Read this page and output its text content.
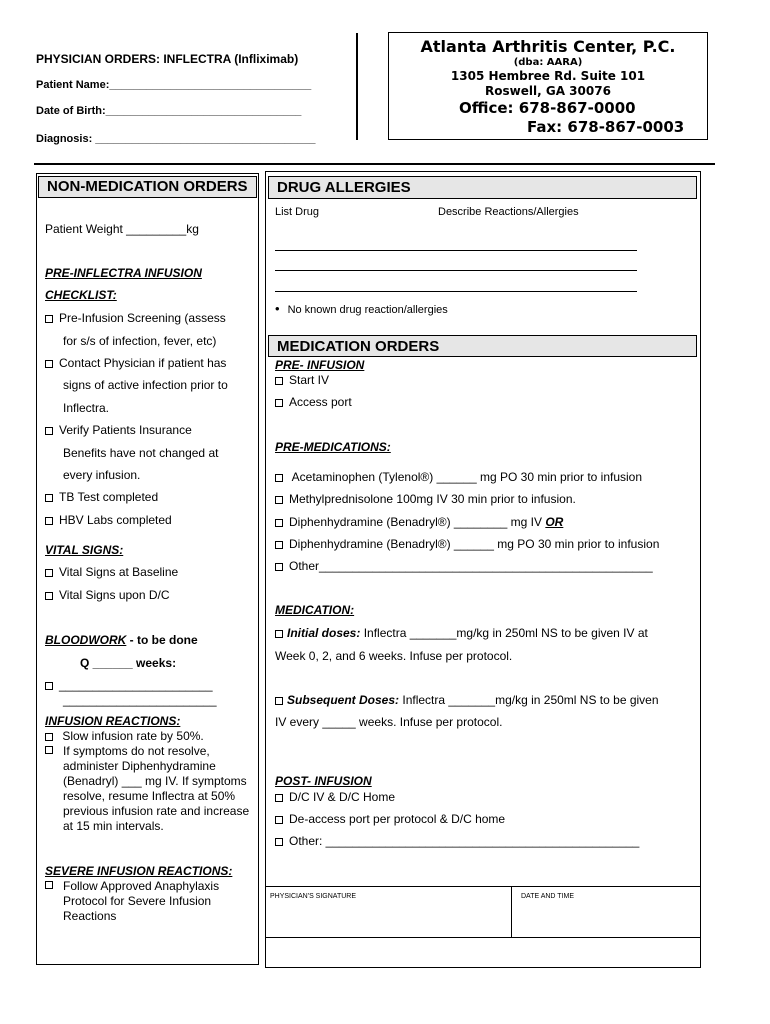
PHYSICIAN ORDERS: INFLECTRA (Infliximab)
Patient Name:_________________________________
Date of Birth:________________________________
Diagnosis: ____________________________________
Atlanta Arthritis Center, P.C.
(dba: AARA)
1305 Hembree Rd. Suite 101
Roswell, GA 30076
Office: 678-867-0000
Fax: 678-867-0003
NON-MEDICATION ORDERS
Patient Weight _________kg
PRE-INFLECTRA INFUSION
CHECKLIST:
Pre-Infusion Screening (assess
for s/s of infection, fever, etc)
Contact Physician if patient has
signs of active infection prior to
Inflectra.
Verify Patients Insurance
Benefits have not changed at
every infusion.
TB Test completed
HBV Labs completed
VITAL SIGNS:
Vital Signs at Baseline
Vital Signs upon D/C
BLOODWORK - to be done
Q ______ weeks:
_______________________
_______________________
INFUSION REACTIONS:
Slow infusion rate by 50%.
If symptoms do not resolve, administer Diphenhydramine (Benadryl) ___ mg IV. If symptoms resolve, resume Inflectra at 50% previous infusion rate and increase at 15 min intervals.
SEVERE INFUSION REACTIONS:
Follow Approved Anaphylaxis Protocol for Severe Infusion Reactions
DRUG ALLERGIES
List Drug	Describe Reactions/Allergies
• No known drug reaction/allergies
MEDICATION ORDERS
PRE- INFUSION
Start IV
Access port
PRE-MEDICATIONS:
Acetaminophen (Tylenol®) ______ mg PO 30 min prior to infusion
Methylprednisolone 100mg IV 30 min prior to infusion.
Diphenhydramine (Benadryl®) ________ mg IV OR
Diphenhydramine (Benadryl®) ______ mg PO 30 min prior to infusion
Other__________________________________________________
MEDICATION:
Initial doses: Inflectra _______mg/kg in 250ml NS to be given IV at
Week 0, 2, and 6 weeks. Infuse per protocol.
Subsequent Doses: Inflectra _______mg/kg in 250ml NS to be given
IV every _____ weeks. Infuse per protocol.
POST- INFUSION
D/C IV & D/C Home
De-access port per protocol & D/C home
Other: _______________________________________________
PHYSICIAN'S SIGNATURE	DATE AND TIME
